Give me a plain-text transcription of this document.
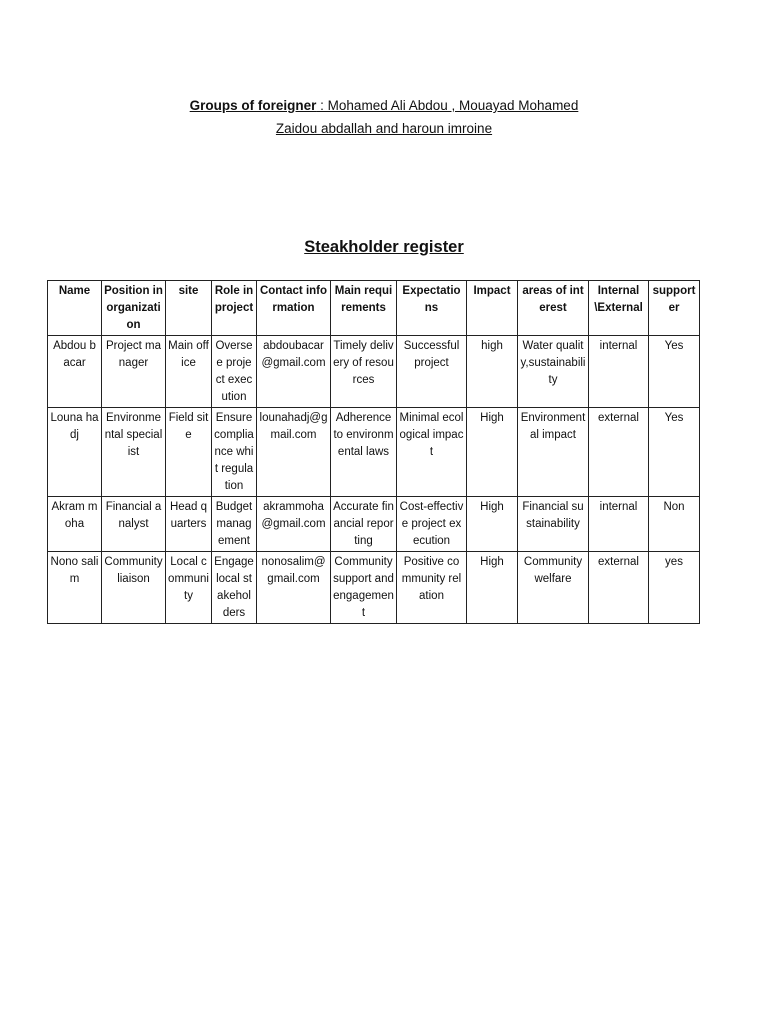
Groups of foreigner : Mohamed Ali Abdou , Mouayad Mohamed
Zaidou abdallah and haroun imroine
Steakholder register
Name	Position in organization	site	Role in project	Contact information	Main requirements	Expectations	Impact	areas of interest	Internal \External	supporter
Abdou bacar	Project manager	Main office	Oversee project execution	abdoubacar@gmail.com	Timely delivery of resources	Successful project	high	Water quality,sustainability	internal	Yes
Louna hadj	Environmental specialist	Field site	Ensure compliance whit regulation	lounahadj@gmail.com	Adherence to environmental laws	Minimal ecological impact	High	Environmental impact	external	Yes
Akram moha	Financial analyst	Head quarters	Budget management	akrammoha@gmail.com	Accurate financial reporting	Cost-effective project execution	High	Financial sustainability	internal	Non
Nono salim	Community liaison	Local community	Engage local stakeholders	nonosalim@gmail.com	Community support and engagement	Positive community relation	High	Community welfare	external	yes
